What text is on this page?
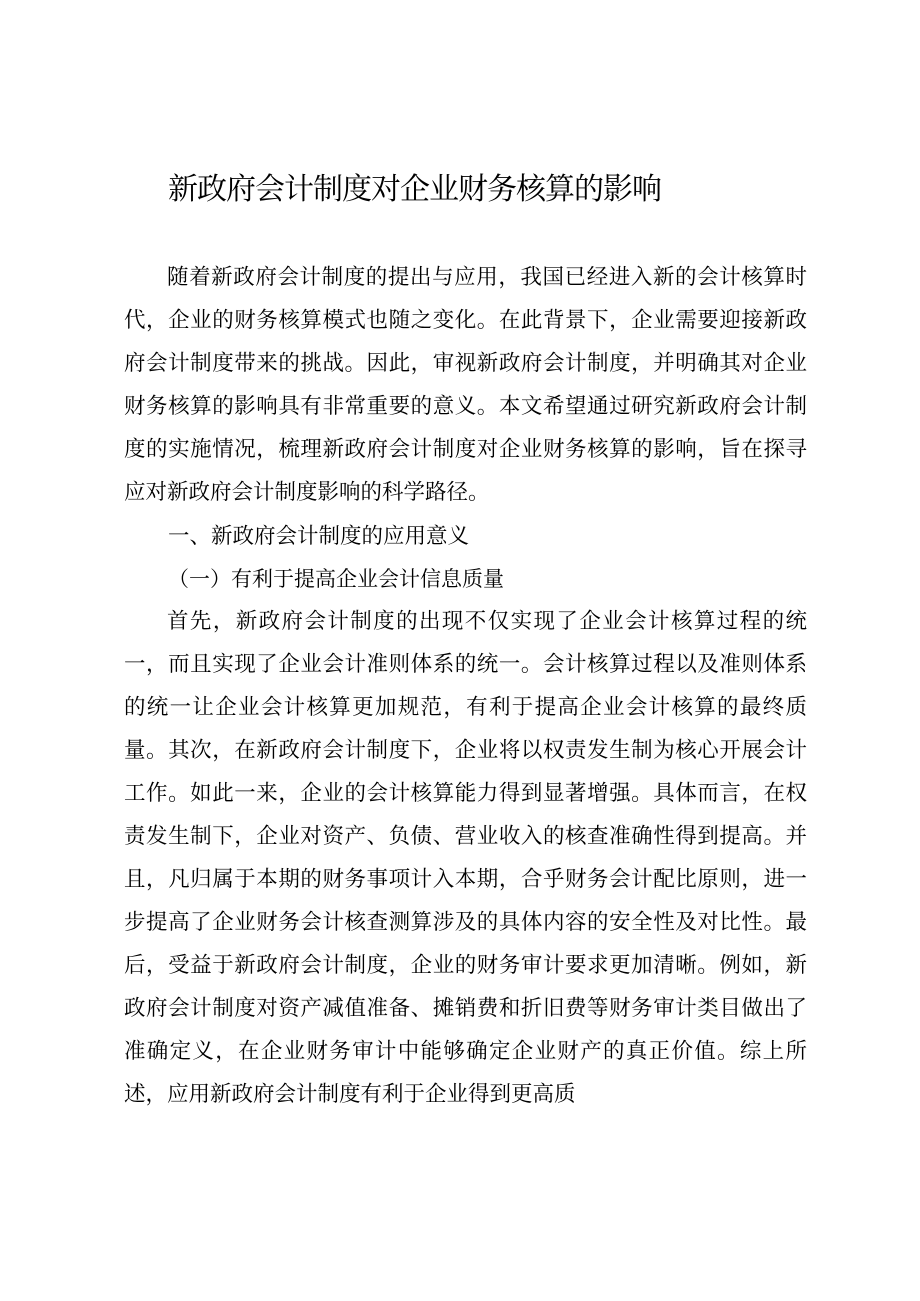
新政府会计制度对企业财务核算的影响

随着新政府会计制度的提出与应用，我国已经进入新的会计核算时代，企业的财务核算模式也随之变化。在此背景下，企业需要迎接新政府会计制度带来的挑战。因此，审视新政府会计制度，并明确其对企业财务核算的影响具有非常重要的意义。本文希望通过研究新政府会计制度的实施情况，梳理新政府会计制度对企业财务核算的影响，旨在探寻应对新政府会计制度影响的科学路径。

一、新政府会计制度的应用意义
（一）有利于提高企业会计信息质量

首先，新政府会计制度的出现不仅实现了企业会计核算过程的统一，而且实现了企业会计准则体系的统一。会计核算过程以及准则体系的统一让企业会计核算更加规范，有利于提高企业会计核算的最终质量。其次，在新政府会计制度下，企业将以权责发生制为核心开展会计工作。如此一来，企业的会计核算能力得到显著增强。具体而言，在权责发生制下，企业对资产、负债、营业收入的核查准确性得到提高。并且，凡归属于本期的财务事项计入本期，合乎财务会计配比原则，进一步提高了企业财务会计核查测算涉及的具体内容的安全性及对比性。最后，受益于新政府会计制度，企业的财务审计要求更加清晰。例如，新政府会计制度对资产减值准备、摊销费和折旧费等财务审计类目做出了准确定义，在企业财务审计中能够确定企业财产的真正价值。综上所述，应用新政府会计制度有利于企业得到更高质
